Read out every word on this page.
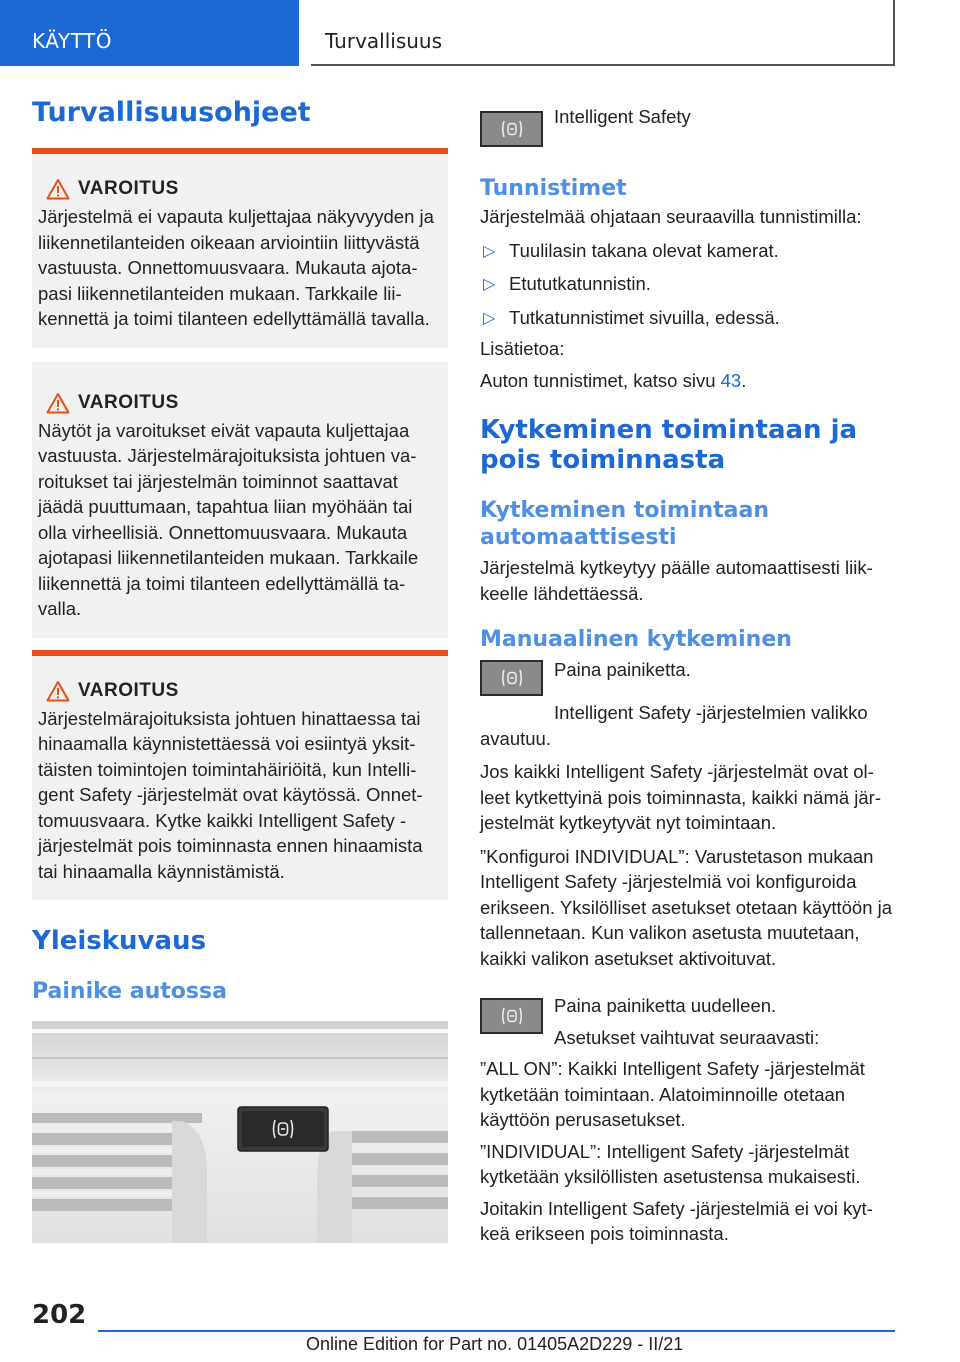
KÄYTTÖ	Turvallisuus
Turvallisuusohjeet
VAROITUS

Järjestelmä ei vapauta kuljettajaa näkyvyyden ja liikennetilanteiden oikeaan arviointiin liittyvästä vastuusta. Onnettomuusvaara. Mukauta ajotapasi liikennetilanteiden mukaan. Tarkkaile liikennettä ja toimi tilanteen edellyttämällä tavalla.

VAROITUS

Näytöt ja varoitukset eivät vapauta kuljettajaa vastuusta. Järjestelmärajoituksista johtuen varoitukset tai järjestelmän toiminnot saattavat jäädä puuttumaan, tapahtua liian myöhään tai olla virheellisiä. Onnettomuusvaara. Mukauta ajotapasi liikennetilanteiden mukaan. Tarkkaile liikennettä ja toimi tilanteen edellyttämällä tavalla.

VAROITUS

Järjestelmärajoituksista johtuen hinattaessa tai hinaamalla käynnistettäessä voi esiintyä yksittäisten toimintojen toimintahäiriöitä, kun Intelligent Safety -järjestelmät ovat käytössä. Onnettomuusvaara. Kytke kaikki Intelligent Safety -järjestelmät pois toiminnasta ennen hinaamista tai hinaamalla käynnistämistä.

Yleiskuvaus
Painike autossa

Intelligent Safety

Tunnistimet

Järjestelmää ohjataan seuraavilla tunnistimilla:

▷ Tuulilasin takana olevat kamerat.
▷ Etututkatunnistin.
▷ Tutkatunnistimet sivuilla, edessä.

Lisätietoa:

Auton tunnistimet, katso sivu 43.

Kytkeminen toimintaan ja pois toiminnasta
Kytkeminen toimintaan automaattisesti

Järjestelmä kytkeytyy päälle automaattisesti liikkeelle lähdettäessä.

Manuaalinen kytkeminen

Paina painiketta.

Intelligent Safety -järjestelmien valikko avautuu.

Jos kaikki Intelligent Safety -järjestelmät ovat olleet kytkettyinä pois toiminnasta, kaikki nämä järjestelmät kytkeytyvät nyt toimintaan.

”Konfiguroi INDIVIDUAL”: Varustetason mukaan Intelligent Safety -järjestelmiä voi konfiguroida erikseen. Yksilölliset asetukset otetaan käyttöön ja tallennetaan. Kun valikon asetusta muutetaan, kaikki valikon asetukset aktivoituvat.

Paina painiketta uudelleen.

Asetukset vaihtuvat seuraavasti:

”ALL ON”: Kaikki Intelligent Safety -järjestelmät kytketään toimintaan. Alatoiminnoille otetaan käyttöön perusasetukset.

”INDIVIDUAL”: Intelligent Safety -järjestelmät kytketään yksilöllisten asetustensa mukaisesti.

Joitakin Intelligent Safety -järjestelmiä ei voi kytkeä erikseen pois toiminnasta.

202
Online Edition for Part no. 01405A2D229 - II/21
